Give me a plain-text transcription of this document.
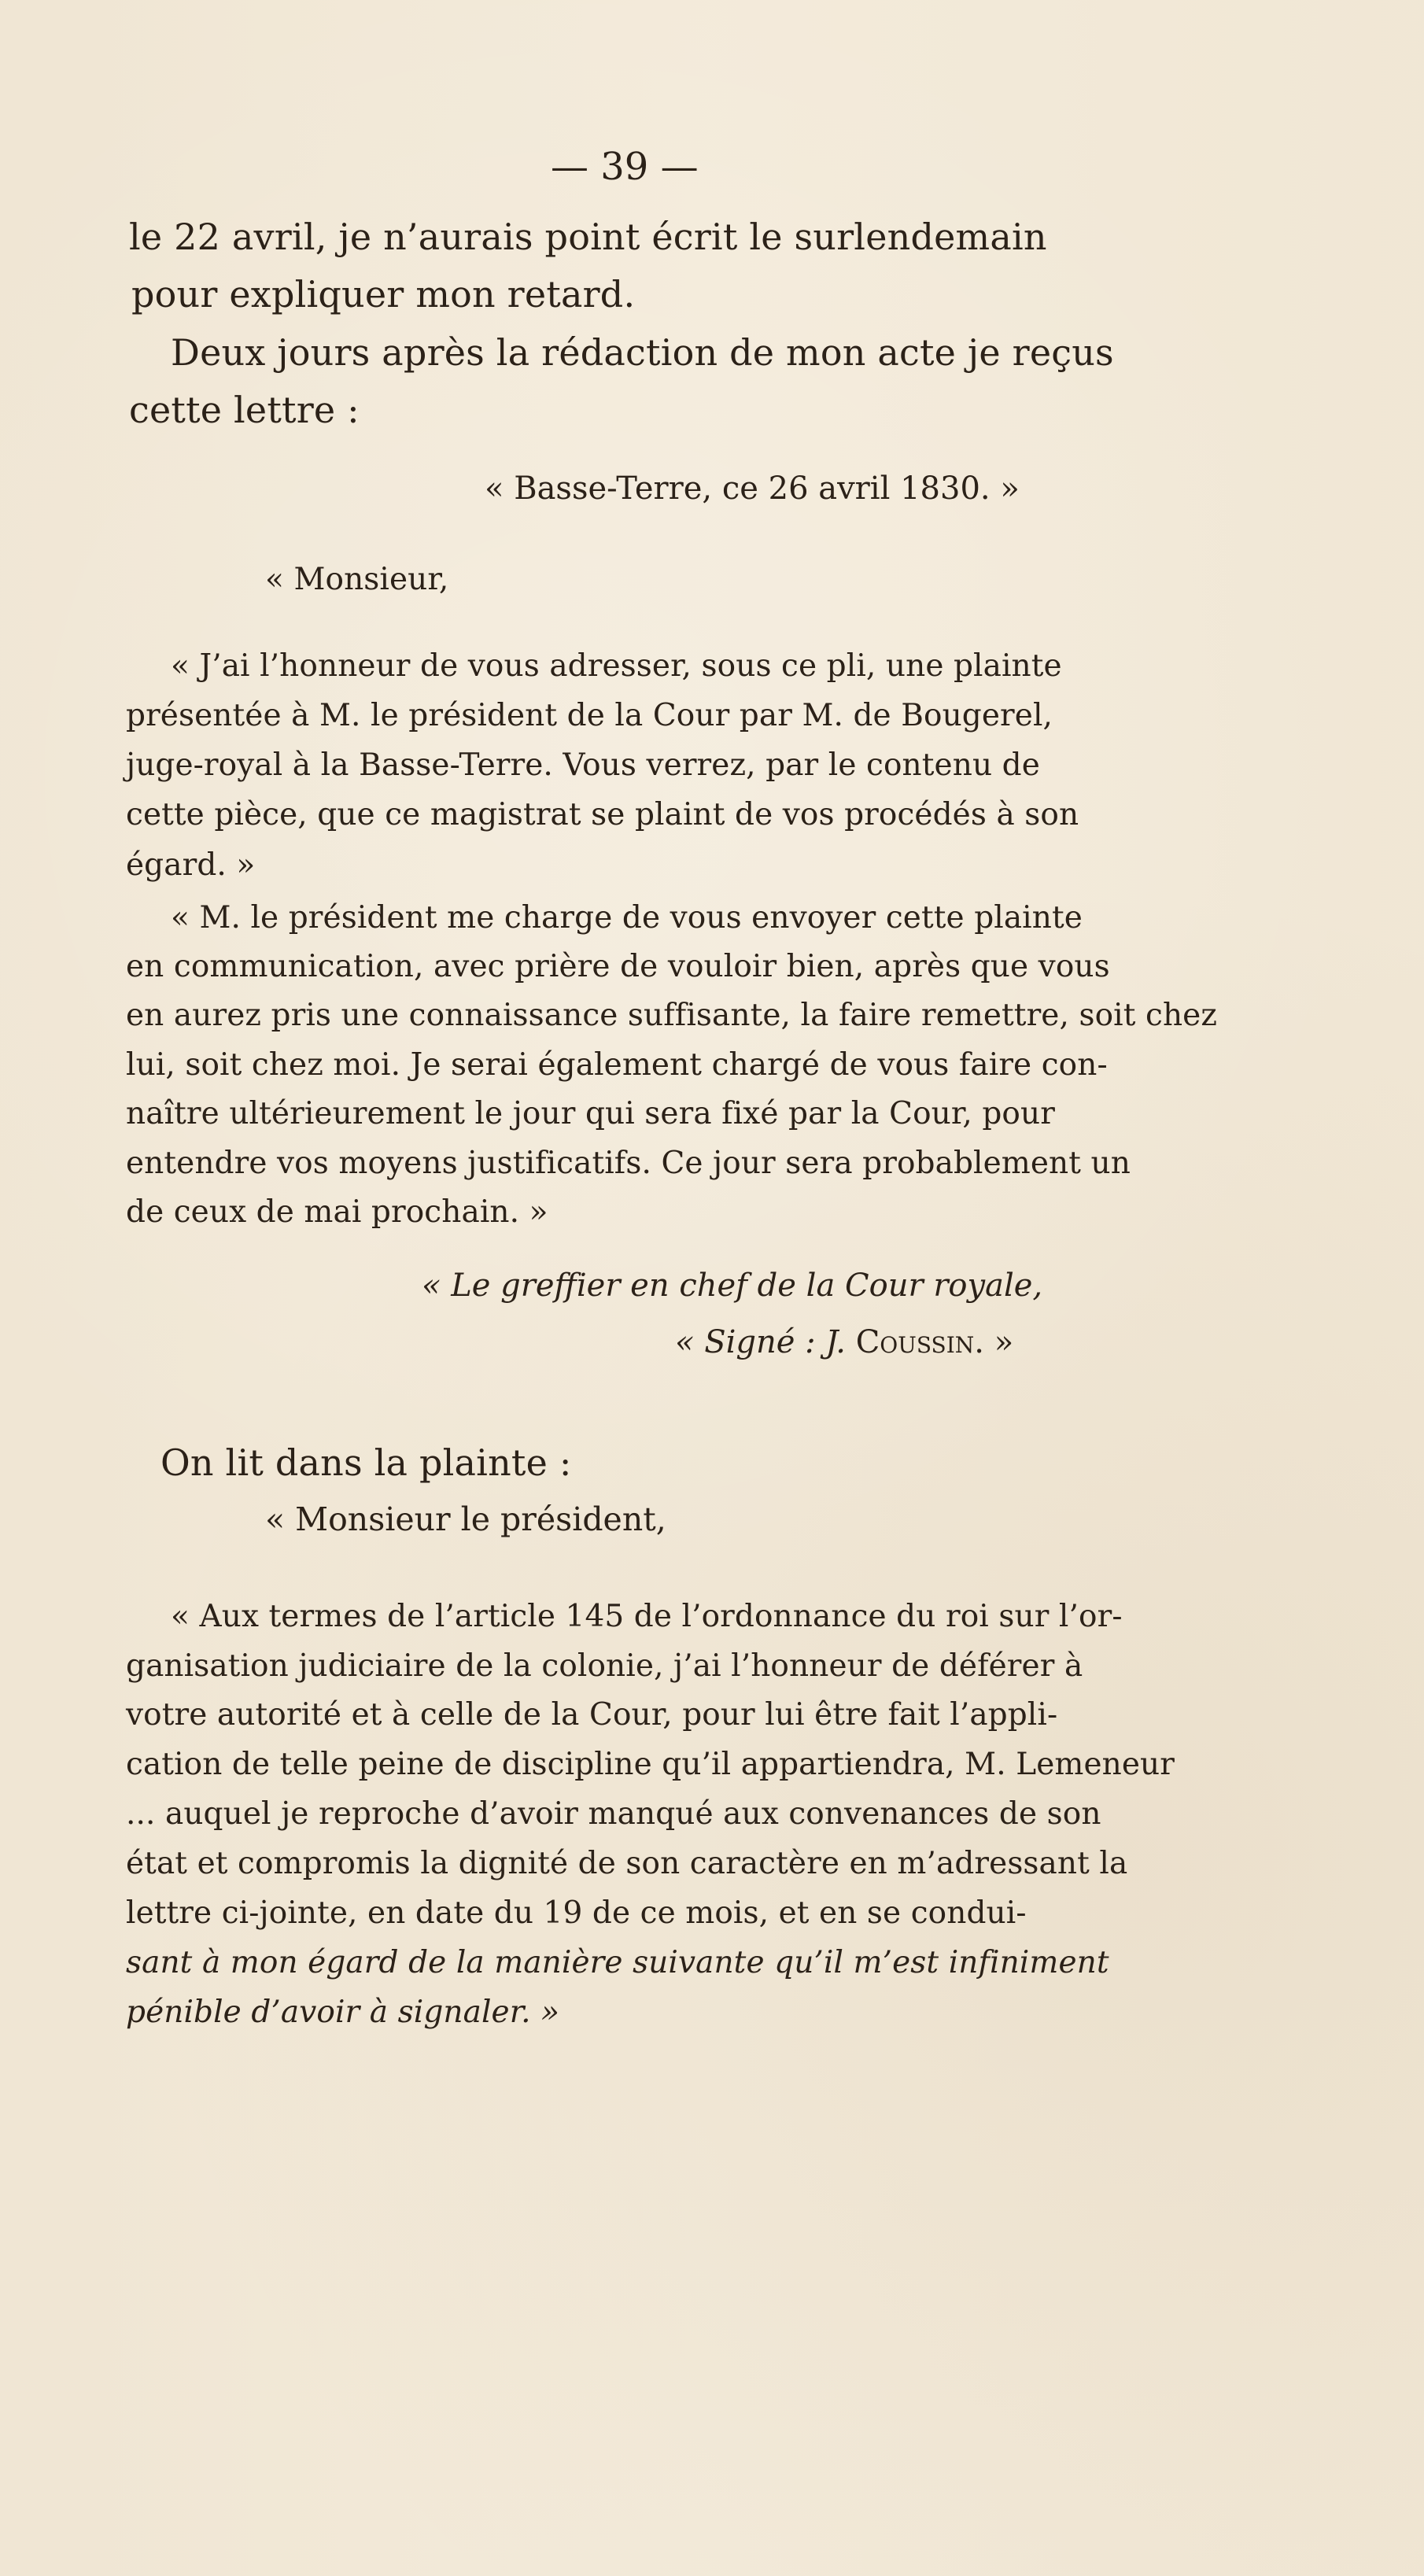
— 39 —
le 22 avril, je n’aurais point écrit le surlendemain
pour expliquer mon retard.
Deux jours après la rédaction de mon acte je reçus
cette lettre :
« Basse-Terre, ce 26 avril 1830. »
« Monsieur,
« J’ai l’honneur de vous adresser, sous ce pli, une plainte
présentée à M. le président de la Cour par M. de Bougerel,
juge-royal à la Basse-Terre. Vous verrez, par le contenu de
cette pièce, que ce magistrat se plaint de vos procédés à son
égard. »
« M. le président me charge de vous envoyer cette plainte
en communication, avec prière de vouloir bien, après que vous
en aurez pris une connaissance suffisante, la faire remettre, soit chez
lui, soit chez moi. Je serai également chargé de vous faire con-
naître ultérieurement le jour qui sera fixé par la Cour, pour
entendre vos moyens justificatifs. Ce jour sera probablement un
de ceux de mai prochain. »
« Le greffier en chef de la Cour royale,
« Signé : J. Coussin. »
On lit dans la plainte :
« Monsieur le président,
« Aux termes de l’article 145 de l’ordonnance du roi sur l’or-
ganisation judiciaire de la colonie, j’ai l’honneur de déférer à
votre autorité et à celle de la Cour, pour lui être fait l’appli-
cation de telle peine de discipline qu’il appartiendra, M. Lemeneur
... auquel je reproche d’avoir manqué aux convenances de son
état et compromis la dignité de son caractère en m’adressant la
lettre ci-jointe, en date du 19 de ce mois, et en se condui-
sant à mon égard de la manière suivante qu’il m’est infiniment
pénible d’avoir à signaler. »
